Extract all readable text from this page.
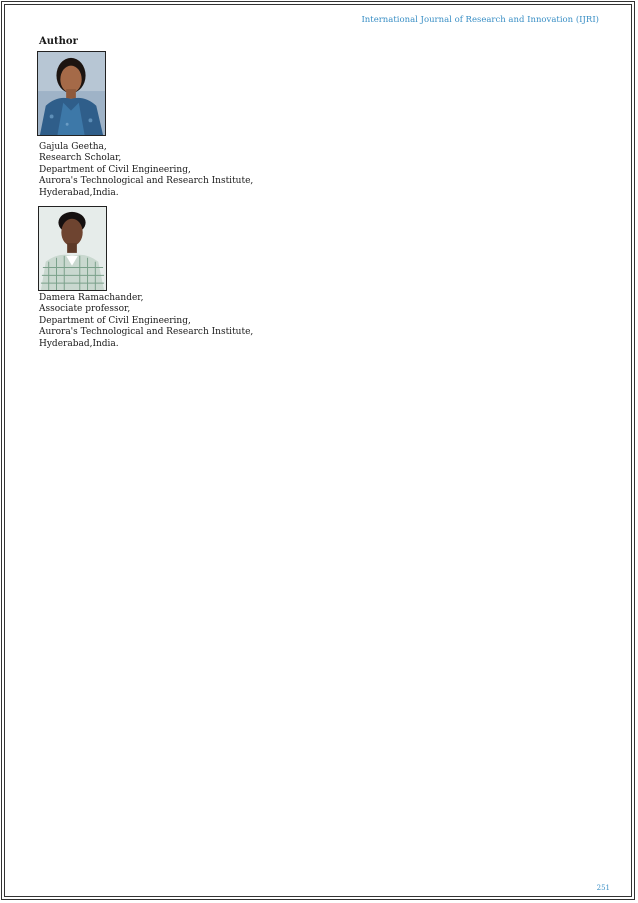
International Journal of Research and Innovation (IJRI)
Author
Gajula Geetha,
Research Scholar,
Department of Civil Engineering,
Aurora's Technological and Research Institute,
Hyderabad,India.
Damera Ramachander,
Associate professor,
Department of Civil Engineering,
Aurora's Technological and Research Institute,
Hyderabad,India.
251
